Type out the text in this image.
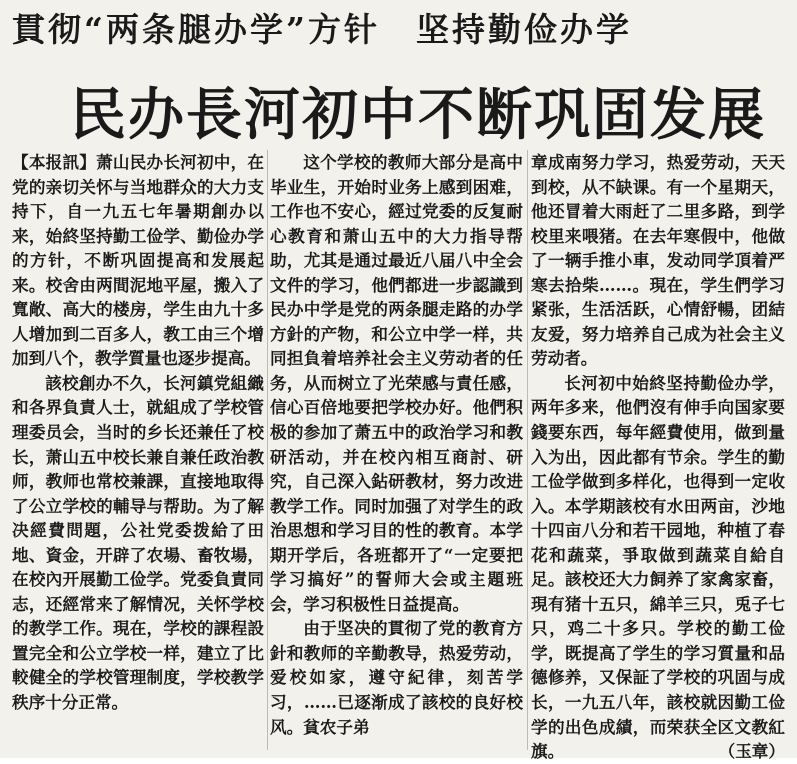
貫彻“两条腿办学”方针　坚持勤俭办学
民办長河初中不断巩固发展

【本报訊】萧山民办长河初中，在党的亲切关怀与当地群众的大力支持下，自一九五七年暑期創办以来，始終坚持勤工俭学、勤俭办学的方针，不断巩固提高和发展起来。校舍由两間泥地平屋，搬入了寬敞、高大的楼房，学生由九十多人增加到二百多人，教工由三个增加到八个，教学質量也逐步提高。

該校創办不久，长河鎮党組織和各界負責人士，就組成了学校管理委员会，当时的乡长还兼任了校长，萧山五中校长兼自兼任政治教师，教师也常校兼課，直接地取得了公立学校的輔导与帮助。为了解决經費問題，公社党委拨給了田地、資金，开辟了农場、畜牧場，在校內开展勤工俭学。党委負責同志，还經常来了解情况，关怀学校的教学工作。現在，学校的課程設置完全和公立学校一样，建立了比較健全的学校管理制度，学校教学秩序十分正常。

这个学校的教师大部分是高中毕业生，开始时业务上感到困难，工作也不安心，經过党委的反复耐心教育和萧山五中的大力指导帮助，尤其是通过最近八届八中全会文件的学习，他們都进一步認識到民办中学是党的两条腿走路的办学方針的产物，和公立中学一样，共同担負着培养社会主义劳动者的任务，从而树立了光荣感与責任感，信心百倍地要把学校办好。他們积极的参加了萧五中的政治学习和教研活动，并在校內相互商討、研究，自己深入鉆研教材，努力改进教学工作。同时加强了对学生的政治思想和学习目的性的教育。本学期开学后，各班都开了“一定要把学习搞好”的誓师大会或主題班会，学习积极性日益提高。

由于坚决的貫彻了党的教育方針和教师的辛勤教导，热爱劳动，爱校如家，遵守紀律，刻苦学习，……已逐渐成了該校的良好校风。貧农子弟

章成南努力学习，热爱劳动，天天到校，从不缺课。有一个星期天，他还冒着大雨赶了二里多路，到学校里来喂猪。在去年寒假中，他做了一辆手推小車，发动同学頂着严寒去拾柴……。現在，学生們学习紧张，生活活跃，心情舒暢，团結友爱，努力培养自己成为社会主义劳动者。

长河初中始終坚持勤俭办学，两年多来，他們沒有伸手向国家要錢要东西，每年經費使用，做到量入为出，因此都有节余。学生的勤工俭学做到多样化，也得到一定收入。本学期該校有水田两亩，沙地十四亩八分和若干园地，种植了春花和蔬菜，爭取做到蔬菜自給自足。該校还大力飼养了家禽家畜，現有猪十五只，綿羊三只，兎子七只，鸡二十多只。学校的勤工俭学，既提高了学生的学习質量和品德修养，又保証了学校的巩固与成长，一九五八年，該校就因勤工俭学的出色成績，而荣获全区文教紅旗。	（玉章）
